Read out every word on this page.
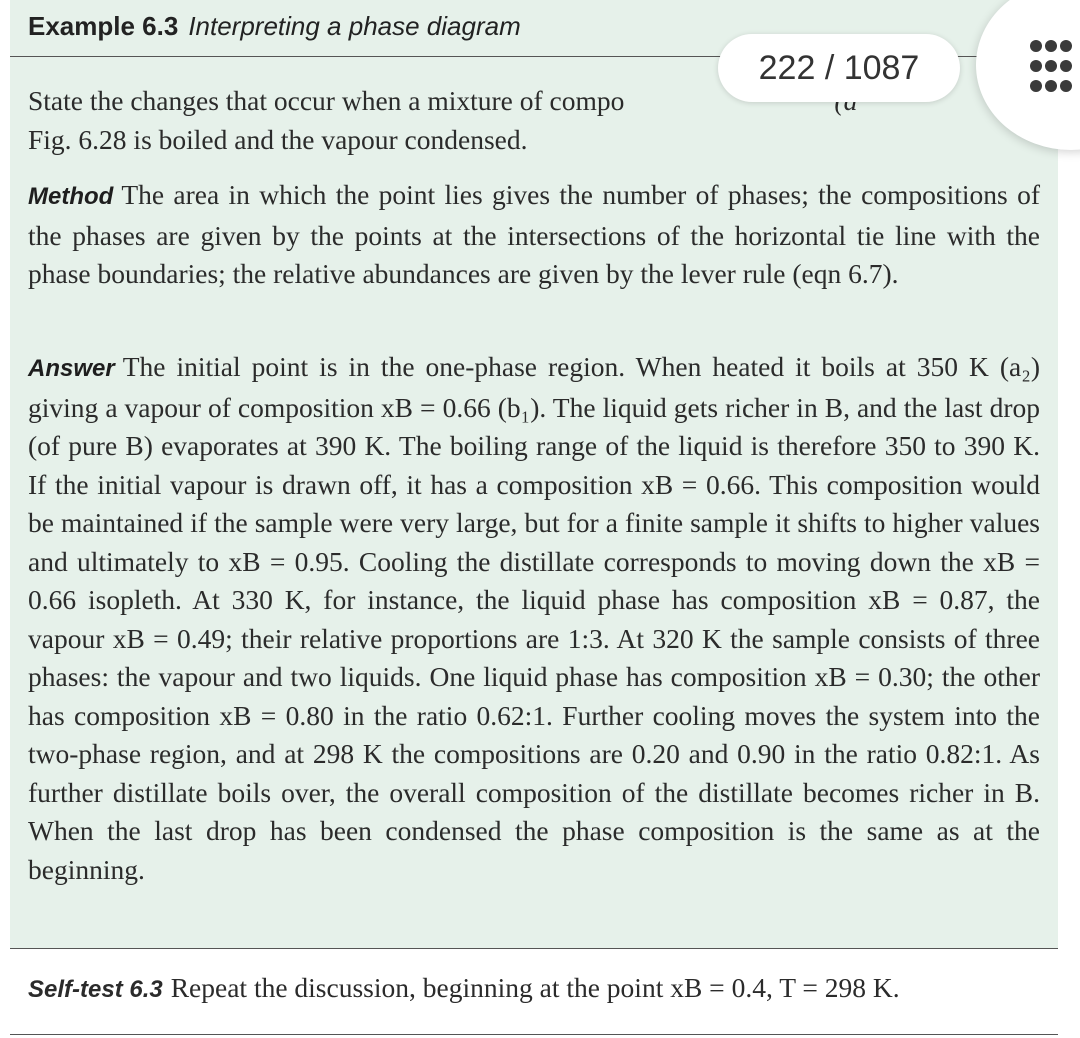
Example 6.3 Interpreting a phase diagram
State the changes that occur when a mixture of compo
Fig. 6.28 is boiled and the vapour condensed.
Method The area in which the point lies gives the number of phases; the compositions of the phases are given by the points at the intersections of the horizontal tie line with the phase boundaries; the relative abundances are given by the lever rule (eqn 6.7).
Answer The initial point is in the one-phase region. When heated it boils at 350 K (a₂) giving a vapour of composition xB = 0.66 (b₁). The liquid gets richer in B, and the last drop (of pure B) evaporates at 390 K. The boiling range of the liquid is therefore 350 to 390 K. If the initial vapour is drawn off, it has a composition xB = 0.66. This composition would be maintained if the sample were very large, but for a finite sample it shifts to higher values and ultimately to xB = 0.95. Cooling the distillate corresponds to moving down the xB = 0.66 isopleth. At 330 K, for instance, the liquid phase has composition xB = 0.87, the vapour xB = 0.49; their relative proportions are 1:3. At 320 K the sample consists of three phases: the vapour and two liquids. One liquid phase has composition xB = 0.30; the other has composition xB = 0.80 in the ratio 0.62:1. Further cooling moves the system into the two-phase region, and at 298 K the compositions are 0.20 and 0.90 in the ratio 0.82:1. As further distillate boils over, the overall composition of the distillate becomes richer in B. When the last drop has been condensed the phase composition is the same as at the beginning.
Self-test 6.3 Repeat the discussion, beginning at the point xB = 0.4, T = 298 K.
222 / 1087
